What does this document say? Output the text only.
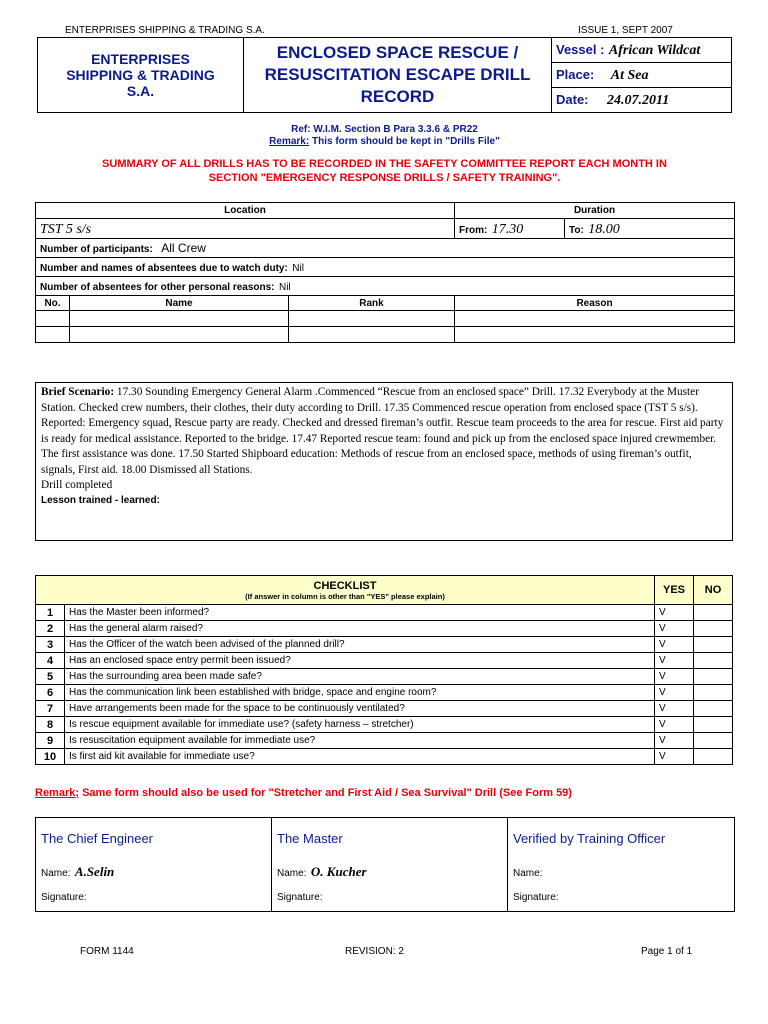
ENTERPRISES SHIPPING & TRADING S.A.	ISSUE 1, SEPT 2007
ENTERPRISES
SHIPPING & TRADING
S.A.

ENCLOSED SPACE RESCUE /
RESUSCITATION ESCAPE DRILL
RECORD
	Vessel : African Wildcat
Place: At Sea
Date: 24.07.2011
Ref: W.I.M. Section B Para 3.3.6 & PR22
Remark: This form should be kept in "Drills File"
SUMMARY OF ALL DRILLS HAS TO BE RECORDED IN THE SAFETY COMMITTEE REPORT EACH MONTH IN
SECTION "EMERGENCY RESPONSE DRILLS / SAFETY TRAINING".
Location			Duration	
TST 5 s/s			From: 17.30	To: 18.00
Number of participants: All Crew				
Number and names of absentees due to watch duty: Nil				
Number of absentees for other personal reasons: Nil				
No.	Name	Rank	Reason	

Brief Scenario: 17.30 Sounding Emergency General Alarm .Commenced “Rescue from an enclosed space” Drill. 17.32 Everybody at the Muster Station. Checked crew numbers, their clothes, their duty according to Drill. 17.35 Commenced rescue operation from enclosed space (TST 5 s/s). Reported: Emergency squad, Rescue party are ready. Checked and dressed fireman’s outfit. Rescue team proceeds to the area for rescue. First aid party is ready for medical assistance. Reported to the bridge. 17.47 Reported rescue team: found and pick up from the enclosed space injured crewmember. The first assistance was done. 17.50 Started Shipboard education: Methods of rescue from an enclosed space, methods of using fireman’s outfit, signals, First aid. 18.00 Dismissed all Stations.
Drill completed
Lesson trained - learned:
CHECKLIST
(If answer in column is other than "YES" please explain)		YES	NO
1	Has the Master been informed?	V	
2	Has the general alarm raised?	V	
3	Has the Officer of the watch been advised of the planned drill?	V	
4	Has an enclosed space entry permit been issued?	V	
5	Has the surrounding area been made safe?	V	
6	Has the communication link been established with bridge, space and engine room?	V	
7	Have arrangements been made for the space to be continuously ventilated?	V	
8	Is rescue equipment available for immediate use? (safety harness – stretcher)	V	
9	Is resuscitation equipment available for immediate use?	V	
10	Is first aid kit available for immediate use?	V	
Remark; Same form should also be used for "Stretcher and First Aid / Sea Survival" Drill (See Form 59)
The Chief Engineer	The Master	Verified by Training Officer
Name: A.Selin	Name: O. Kucher	Name:
Signature:	Signature:	Signature:
FORM 1144	REVISION: 2	Page 1 of 1
